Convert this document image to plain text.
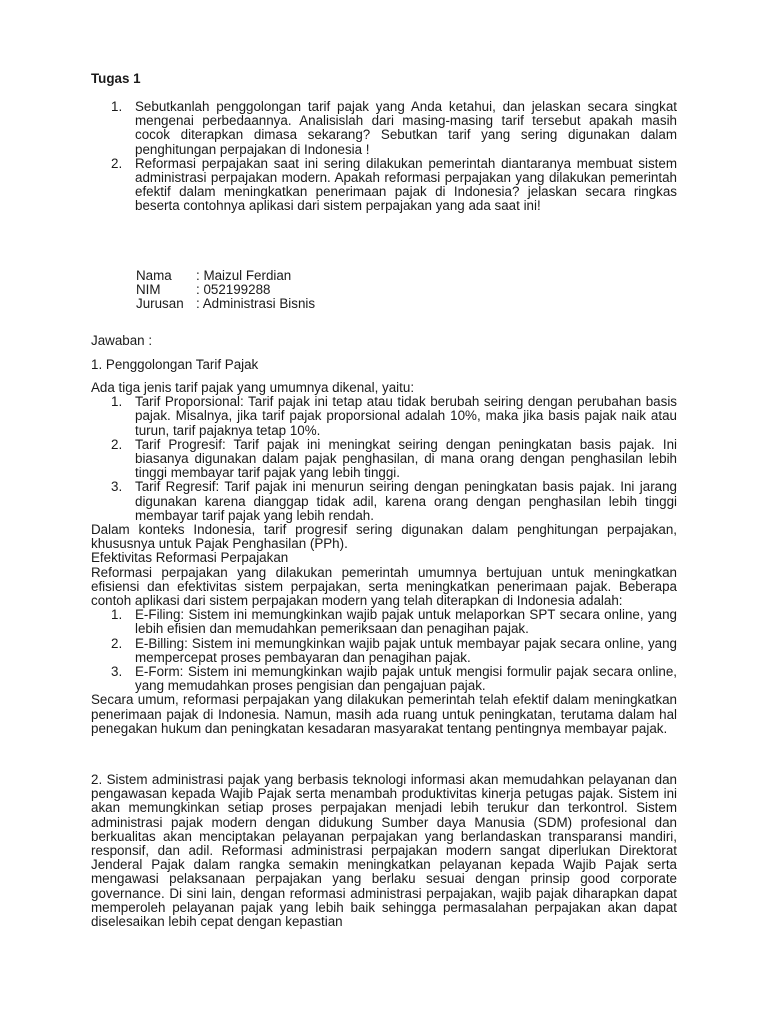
Tugas 1
1. Sebutkanlah penggolongan tarif pajak yang Anda ketahui, dan jelaskan secara singkat mengenai perbedaannya. Analisislah dari masing-masing tarif tersebut apakah masih cocok diterapkan dimasa sekarang? Sebutkan tarif yang sering digunakan dalam penghitungan perpajakan di Indonesia !
2. Reformasi perpajakan saat ini sering dilakukan pemerintah diantaranya membuat sistem administrasi perpajakan modern. Apakah reformasi perpajakan yang dilakukan pemerintah efektif dalam meningkatkan penerimaan pajak di Indonesia? jelaskan secara ringkas beserta contohnya aplikasi dari sistem perpajakan yang ada saat ini!
Nama	: Maizul Ferdian
NIM	: 052199288
Jurusan : Administrasi Bisnis
Jawaban :
1. Penggolongan Tarif Pajak
Ada tiga jenis tarif pajak yang umumnya dikenal, yaitu:
1. Tarif Proporsional: Tarif pajak ini tetap atau tidak berubah seiring dengan perubahan basis pajak. Misalnya, jika tarif pajak proporsional adalah 10%, maka jika basis pajak naik atau turun, tarif pajaknya tetap 10%.
2. Tarif Progresif: Tarif pajak ini meningkat seiring dengan peningkatan basis pajak. Ini biasanya digunakan dalam pajak penghasilan, di mana orang dengan penghasilan lebih tinggi membayar tarif pajak yang lebih tinggi.
3. Tarif Regresif: Tarif pajak ini menurun seiring dengan peningkatan basis pajak. Ini jarang digunakan karena dianggap tidak adil, karena orang dengan penghasilan lebih tinggi membayar tarif pajak yang lebih rendah.
Dalam konteks Indonesia, tarif progresif sering digunakan dalam penghitungan perpajakan, khususnya untuk Pajak Penghasilan (PPh).
Efektivitas Reformasi Perpajakan
Reformasi perpajakan yang dilakukan pemerintah umumnya bertujuan untuk meningkatkan efisiensi dan efektivitas sistem perpajakan, serta meningkatkan penerimaan pajak. Beberapa contoh aplikasi dari sistem perpajakan modern yang telah diterapkan di Indonesia adalah:
1. E-Filing: Sistem ini memungkinkan wajib pajak untuk melaporkan SPT secara online, yang lebih efisien dan memudahkan pemeriksaan dan penagihan pajak.
2. E-Billing: Sistem ini memungkinkan wajib pajak untuk membayar pajak secara online, yang mempercepat proses pembayaran dan penagihan pajak.
3. E-Form: Sistem ini memungkinkan wajib pajak untuk mengisi formulir pajak secara online, yang memudahkan proses pengisian dan pengajuan pajak.
Secara umum, reformasi perpajakan yang dilakukan pemerintah telah efektif dalam meningkatkan penerimaan pajak di Indonesia. Namun, masih ada ruang untuk peningkatan, terutama dalam hal penegakan hukum dan peningkatan kesadaran masyarakat tentang pentingnya membayar pajak.
2. Sistem administrasi pajak yang berbasis teknologi informasi akan memudahkan pelayanan dan pengawasan kepada Wajib Pajak serta menambah produktivitas kinerja petugas pajak. Sistem ini akan memungkinkan setiap proses perpajakan menjadi lebih terukur dan terkontrol. Sistem administrasi pajak modern dengan didukung Sumber daya Manusia (SDM) profesional dan berkualitas akan menciptakan pelayanan perpajakan yang berlandaskan transparansi mandiri, responsif, dan adil. Reformasi administrasi perpajakan modern sangat diperlukan Direktorat Jenderal Pajak dalam rangka semakin meningkatkan pelayanan kepada Wajib Pajak serta mengawasi pelaksanaan perpajakan yang berlaku sesuai dengan prinsip good corporate governance. Di sini lain, dengan reformasi administrasi perpajakan, wajib pajak diharapkan dapat memperoleh pelayanan pajak yang lebih baik sehingga permasalahan perpajakan akan dapat diselesaikan lebih cepat dengan kepastian
